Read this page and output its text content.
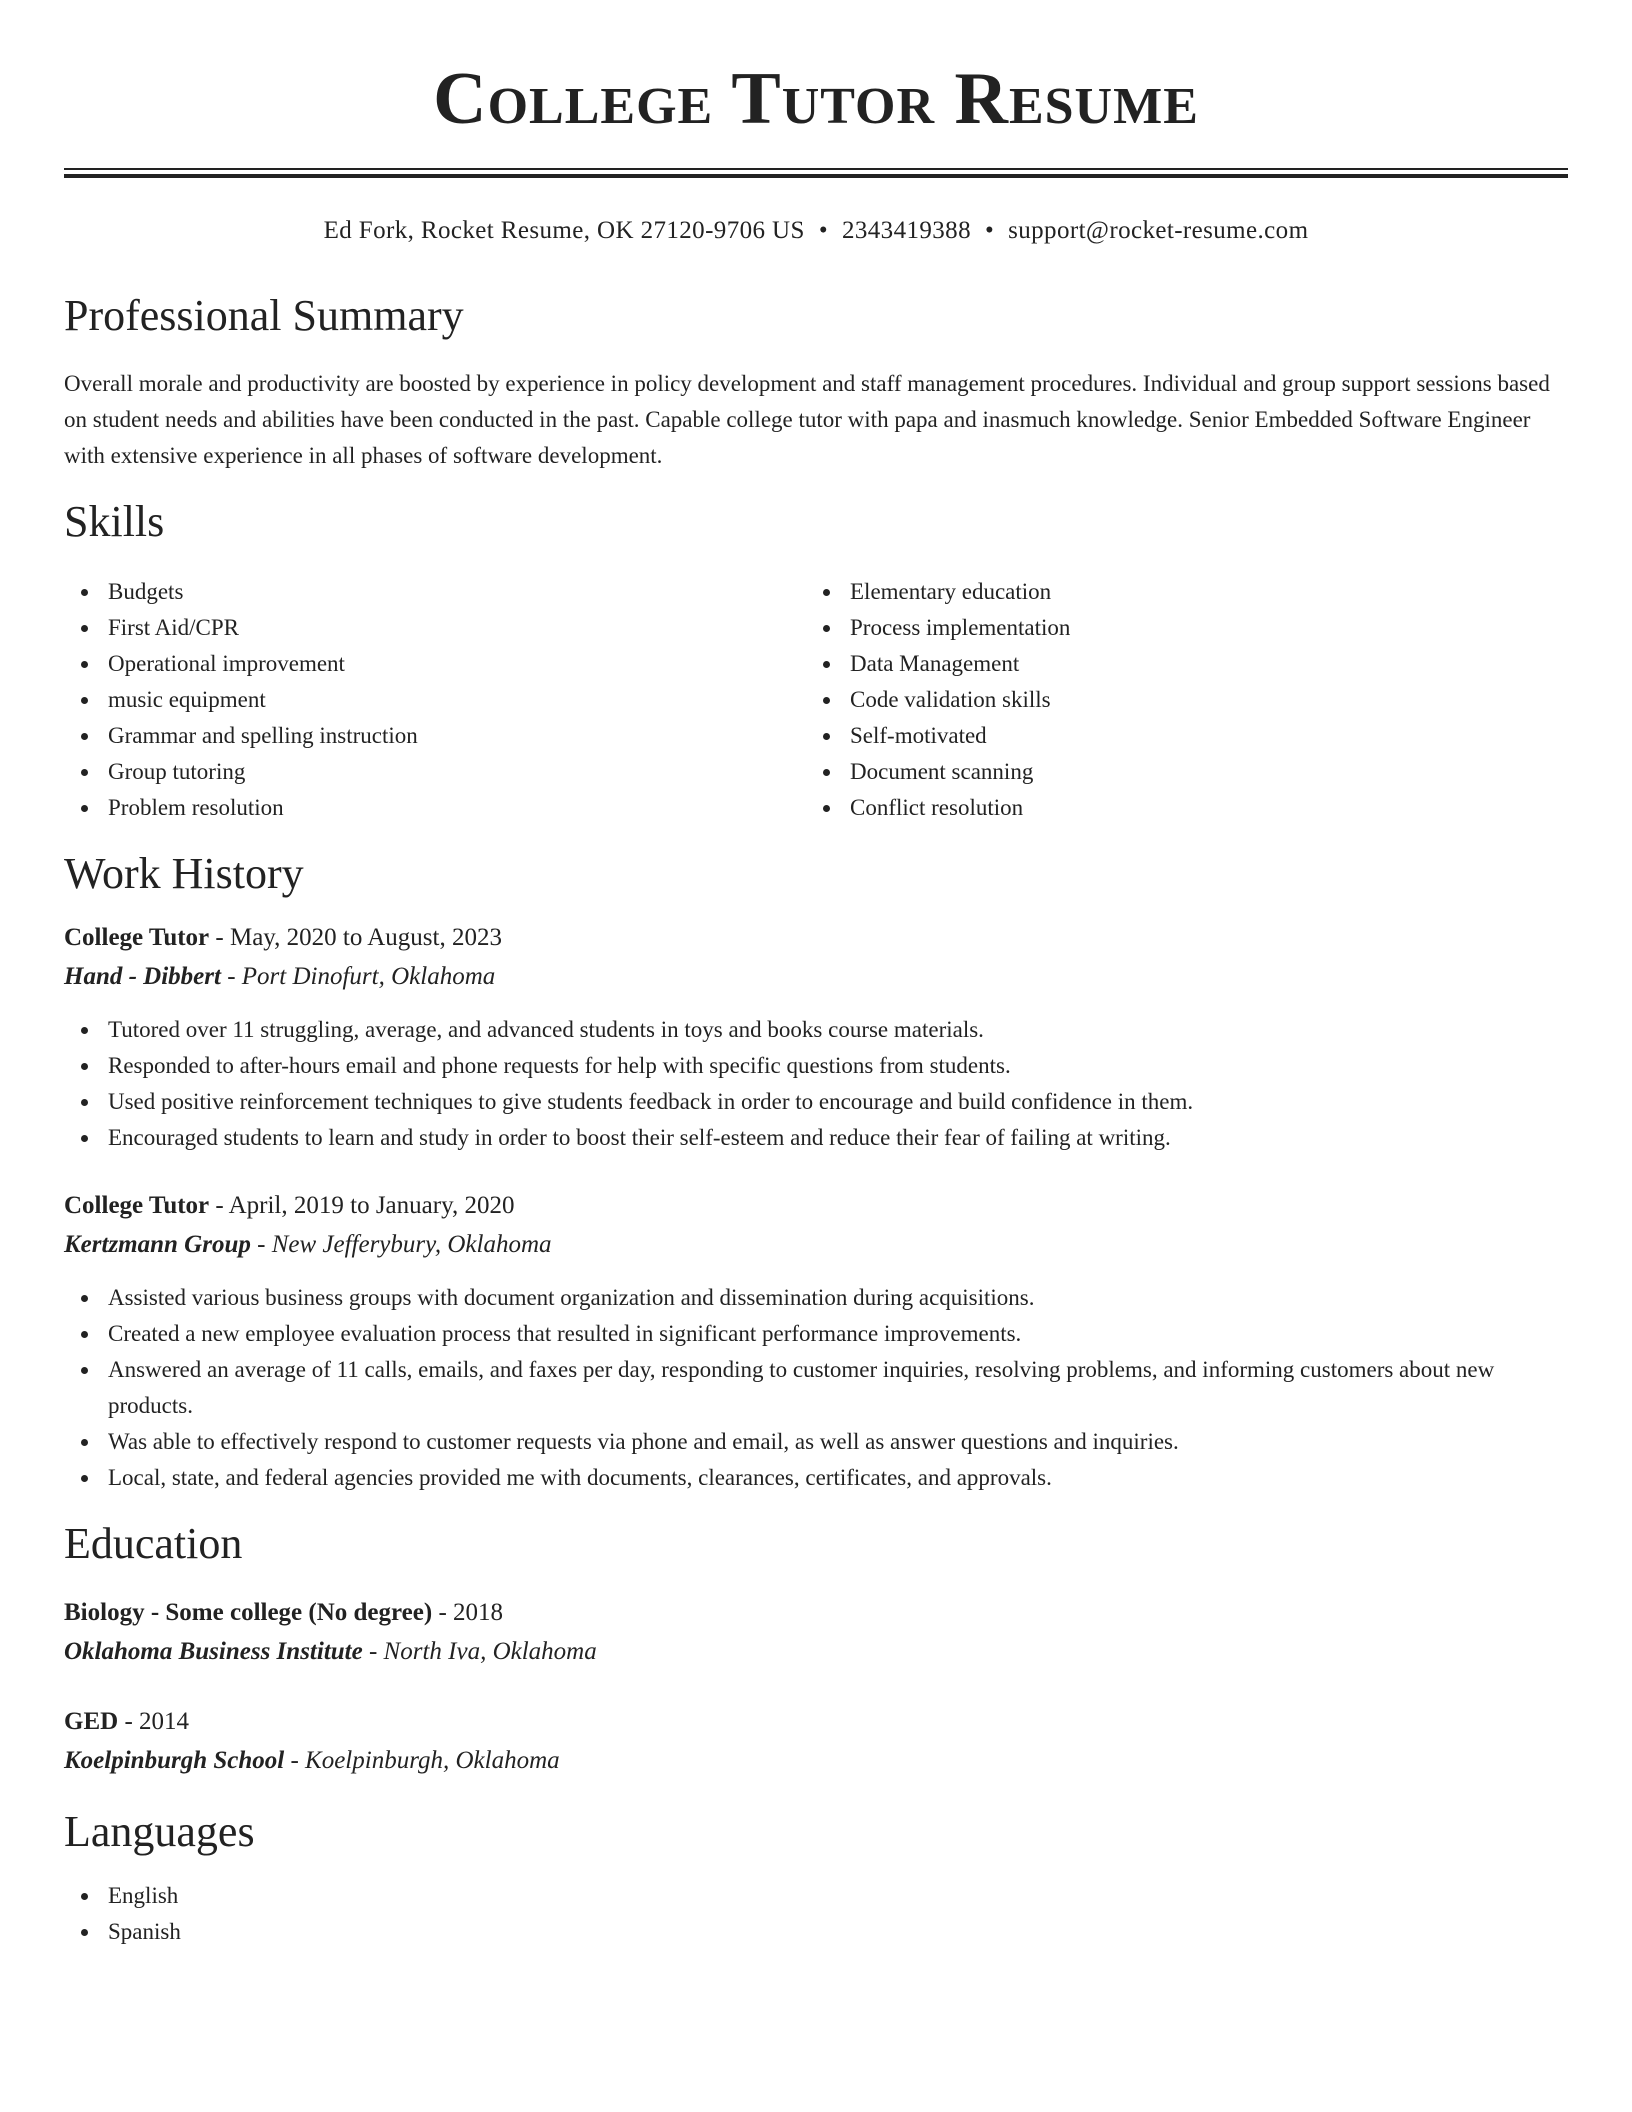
College Tutor Resume
Ed Fork, Rocket Resume, OK 27120-9706 US • 2343419388 • support@rocket-resume.com
Professional Summary

Overall morale and productivity are boosted by experience in policy development and staff management procedures. Individual and group support sessions based on student needs and abilities have been conducted in the past. Capable college tutor with papa and inasmuch knowledge. Senior Embedded Software Engineer with extensive experience in all phases of software development.

Skills
Budgets
First Aid/CPR
Operational improvement
music equipment
Grammar and spelling instruction
Group tutoring
Problem resolution
Elementary education
Process implementation
Data Management
Code validation skills
Self-motivated
Document scanning
Conflict resolution
Work History
College Tutor - May, 2020 to August, 2023
Hand - Dibbert - Port Dinofurt, Oklahoma
Tutored over 11 struggling, average, and advanced students in toys and books course materials.
Responded to after-hours email and phone requests for help with specific questions from students.
Used positive reinforcement techniques to give students feedback in order to encourage and build confidence in them.
Encouraged students to learn and study in order to boost their self-esteem and reduce their fear of failing at writing.
College Tutor - April, 2019 to January, 2020
Kertzmann Group - New Jefferybury, Oklahoma
Assisted various business groups with document organization and dissemination during acquisitions.
Created a new employee evaluation process that resulted in significant performance improvements.
Answered an average of 11 calls, emails, and faxes per day, responding to customer inquiries, resolving problems, and informing customers about new products.
Was able to effectively respond to customer requests via phone and email, as well as answer questions and inquiries.
Local, state, and federal agencies provided me with documents, clearances, certificates, and approvals.
Education
Biology - Some college (No degree) - 2018
Oklahoma Business Institute - North Iva, Oklahoma
GED - 2014
Koelpinburgh School - Koelpinburgh, Oklahoma
Languages
English
Spanish
